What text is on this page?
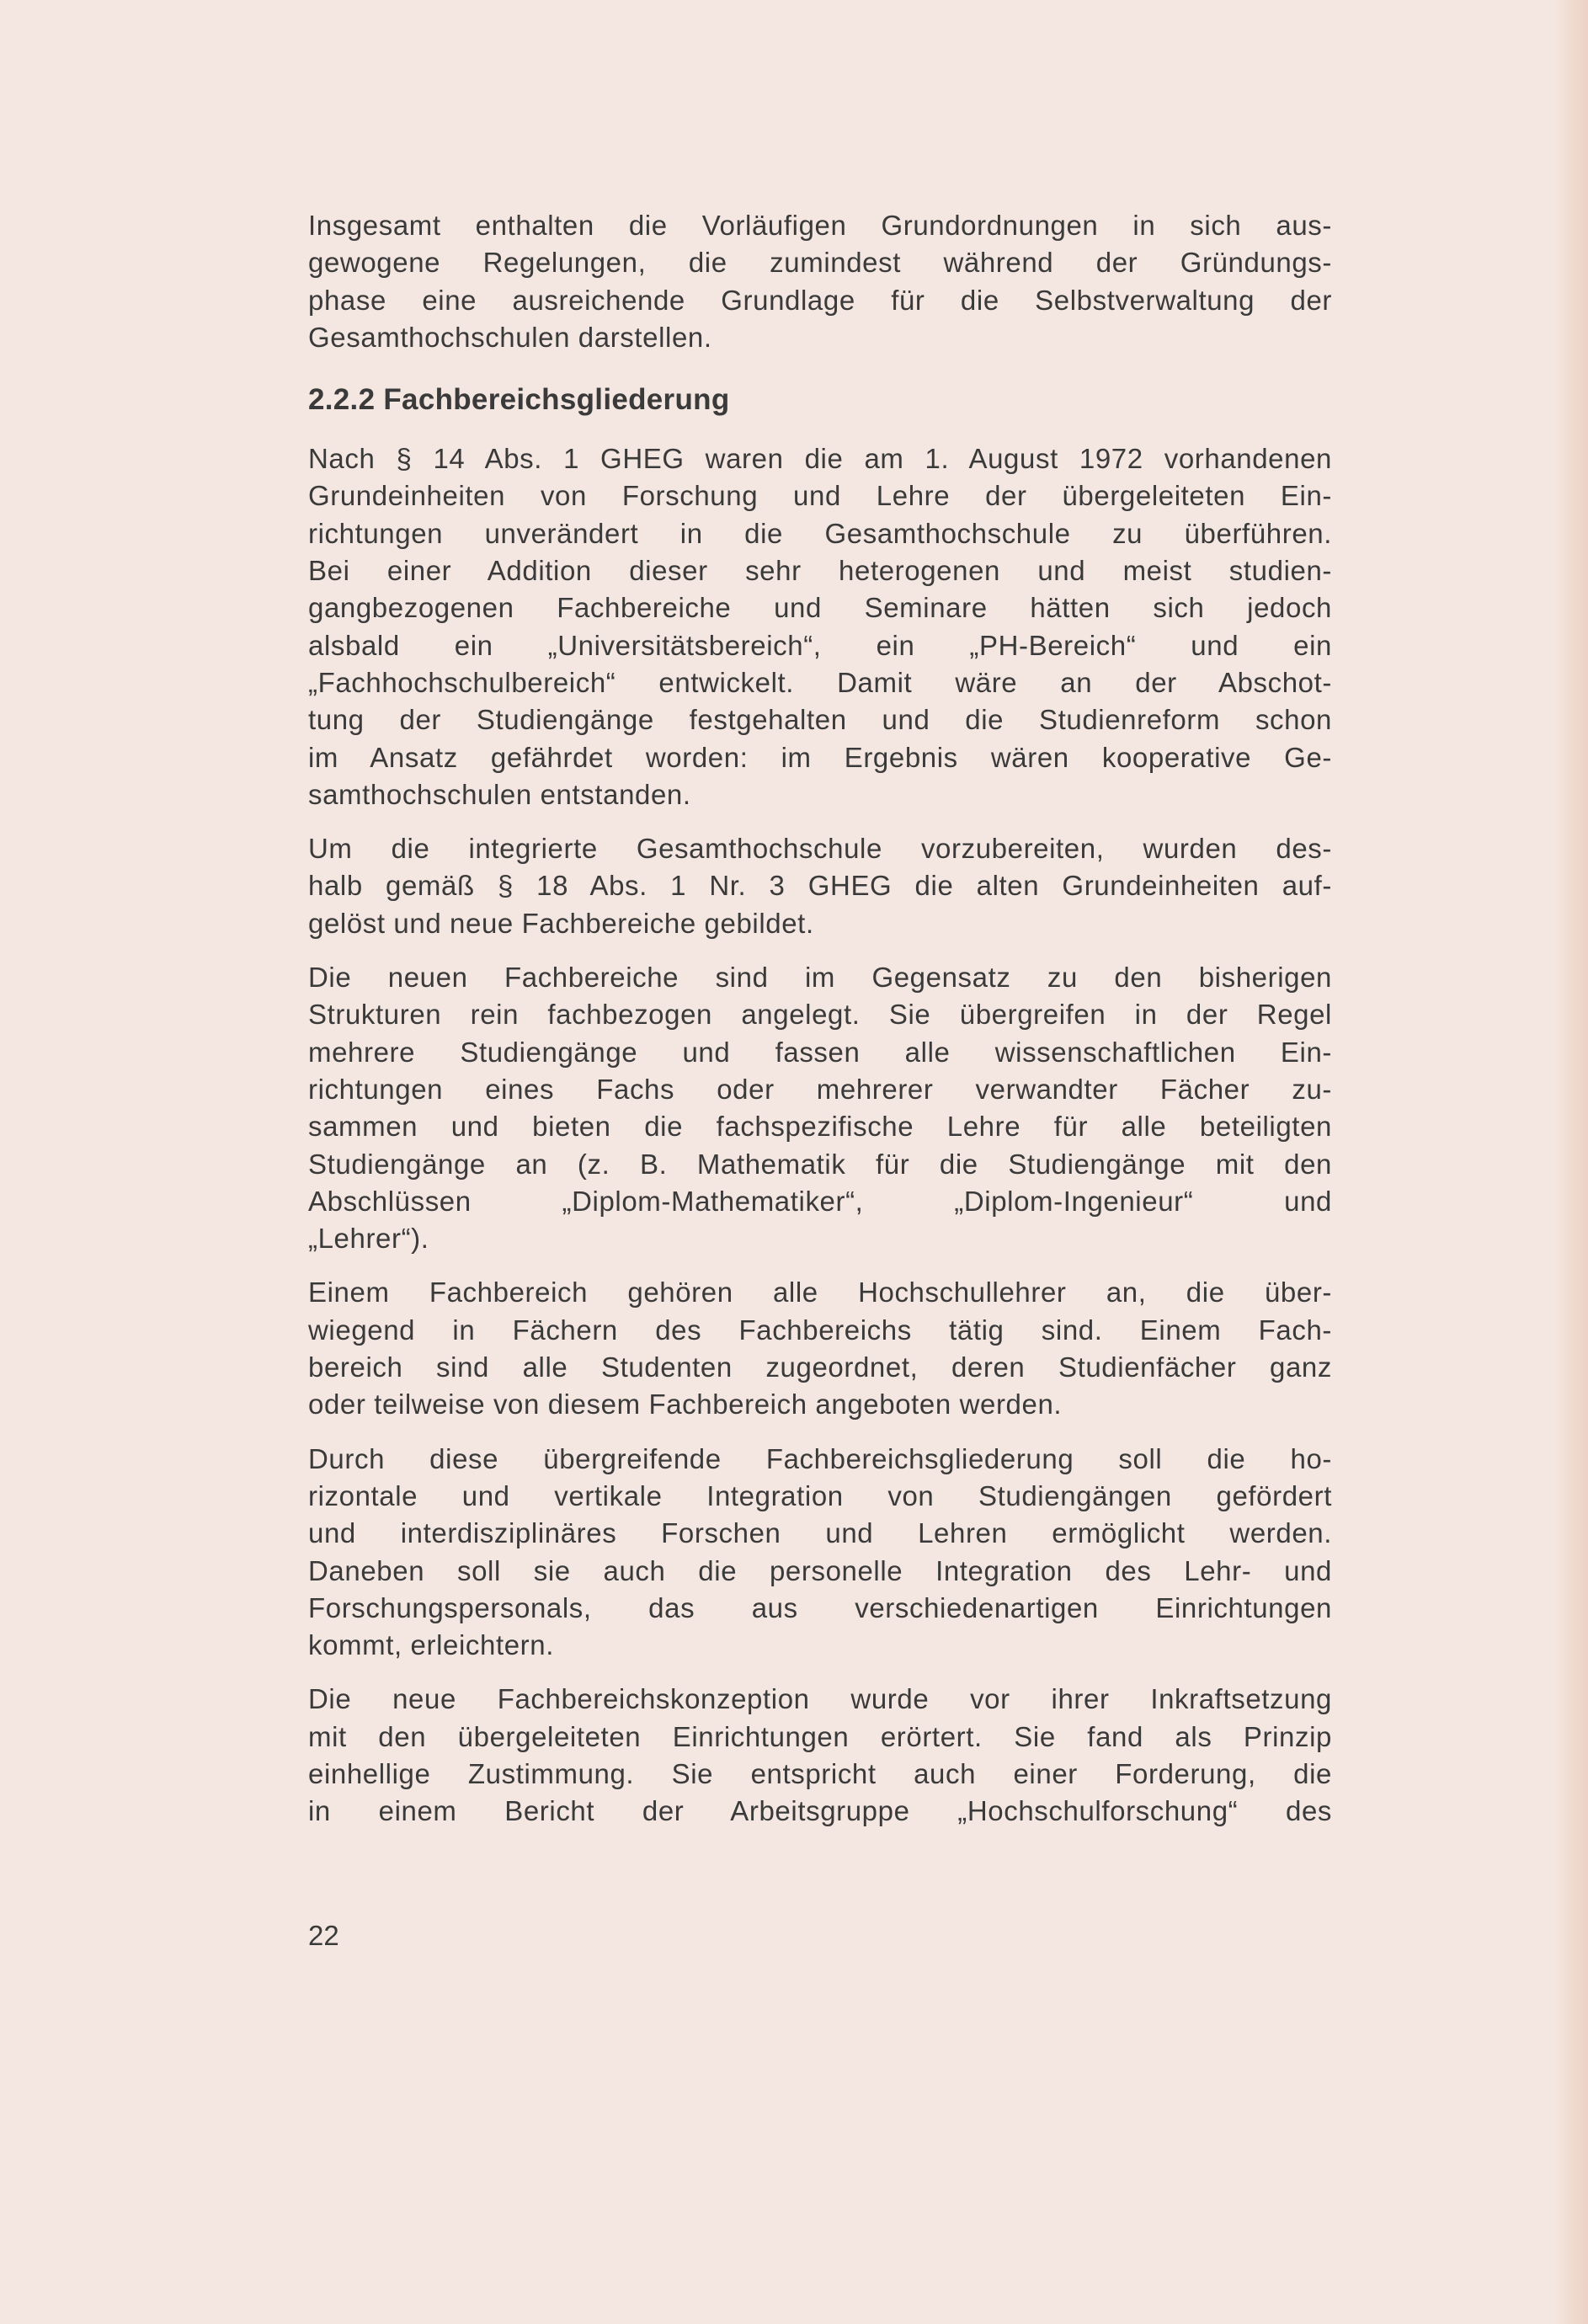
Insgesamt enthalten die Vorläufigen Grundordnungen in sich aus-
gewogene Regelungen, die zumindest während der Gründungs-
phase eine ausreichende Grundlage für die Selbstverwaltung der
Gesamthochschulen darstellen.
2.2.2 Fachbereichsgliederung
Nach § 14 Abs. 1 GHEG waren die am 1. August 1972 vorhandenen
Grundeinheiten von Forschung und Lehre der übergeleiteten Ein-
richtungen unverändert in die Gesamthochschule zu überführen.
Bei einer Addition dieser sehr heterogenen und meist studien-
gangbezogenen Fachbereiche und Seminare hätten sich jedoch
alsbald ein „Universitätsbereich“, ein „PH-Bereich“ und ein
„Fachhochschulbereich“ entwickelt. Damit wäre an der Abschot-
tung der Studiengänge festgehalten und die Studienreform schon
im Ansatz gefährdet worden: im Ergebnis wären kooperative Ge-
samthochschulen entstanden.
Um die integrierte Gesamthochschule vorzubereiten, wurden des-
halb gemäß § 18 Abs. 1 Nr. 3 GHEG die alten Grundeinheiten auf-
gelöst und neue Fachbereiche gebildet.
Die neuen Fachbereiche sind im Gegensatz zu den bisherigen
Strukturen rein fachbezogen angelegt. Sie übergreifen in der Regel
mehrere Studiengänge und fassen alle wissenschaftlichen Ein-
richtungen eines Fachs oder mehrerer verwandter Fächer zu-
sammen und bieten die fachspezifische Lehre für alle beteiligten
Studiengänge an (z. B. Mathematik für die Studiengänge mit den
Abschlüssen „Diplom-Mathematiker“, „Diplom-Ingenieur“ und
„Lehrer“).
Einem Fachbereich gehören alle Hochschullehrer an, die über-
wiegend in Fächern des Fachbereichs tätig sind. Einem Fach-
bereich sind alle Studenten zugeordnet, deren Studienfächer ganz
oder teilweise von diesem Fachbereich angeboten werden.
Durch diese übergreifende Fachbereichsgliederung soll die ho-
rizontale und vertikale Integration von Studiengängen gefördert
und interdisziplinäres Forschen und Lehren ermöglicht werden.
Daneben soll sie auch die personelle Integration des Lehr- und
Forschungspersonals, das aus verschiedenartigen Einrichtungen
kommt, erleichtern.
Die neue Fachbereichskonzeption wurde vor ihrer Inkraftsetzung
mit den übergeleiteten Einrichtungen erörtert. Sie fand als Prinzip
einhellige Zustimmung. Sie entspricht auch einer Forderung, die
in einem Bericht der Arbeitsgruppe „Hochschulforschung“ des
22
